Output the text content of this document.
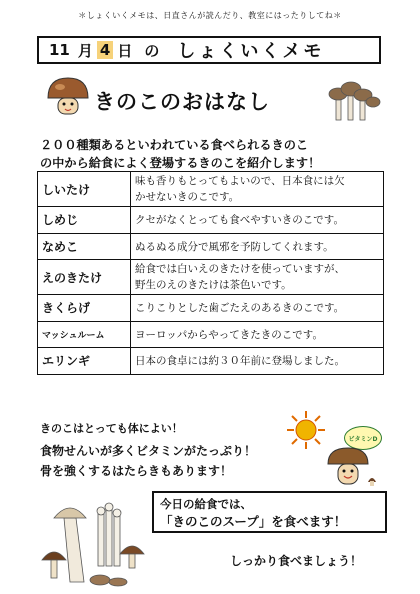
＊しょくいくメモは、日直さんが読んだり、教室にはったりしてね＊
11 月 4 日 の しょくいくメモ
きのこのおはなし
２００種類あるといわれている食べられるきのこ
の中から給食によく登場するきのこを紹介します！
しいたけ	味も香りもとってもよいので、日本食には欠
かせないきのこです。

しめじ	クセがなくとっても食べやすいきのこです。
なめこ	ぬるぬる成分で風邪を予防してくれます。
えのきたけ	給食では白いえのきたけを使っていますが、
野生のえのきたけは茶色いです。

きくらげ	こりこりとした歯ごたえのあるきのこです。
マッシュルーム	ヨーロッパからやってきたきのこです。
エリンギ	日本の食卓には約３０年前に登場しました。
きのこはとっても体によい！
食物せんいが多くビタミンがたっぷり！
骨を強くするはたらきもあります！
ビタミンD
今日の給食では、
「きのこのスープ」を食べます！
しっかり食べましょう！
